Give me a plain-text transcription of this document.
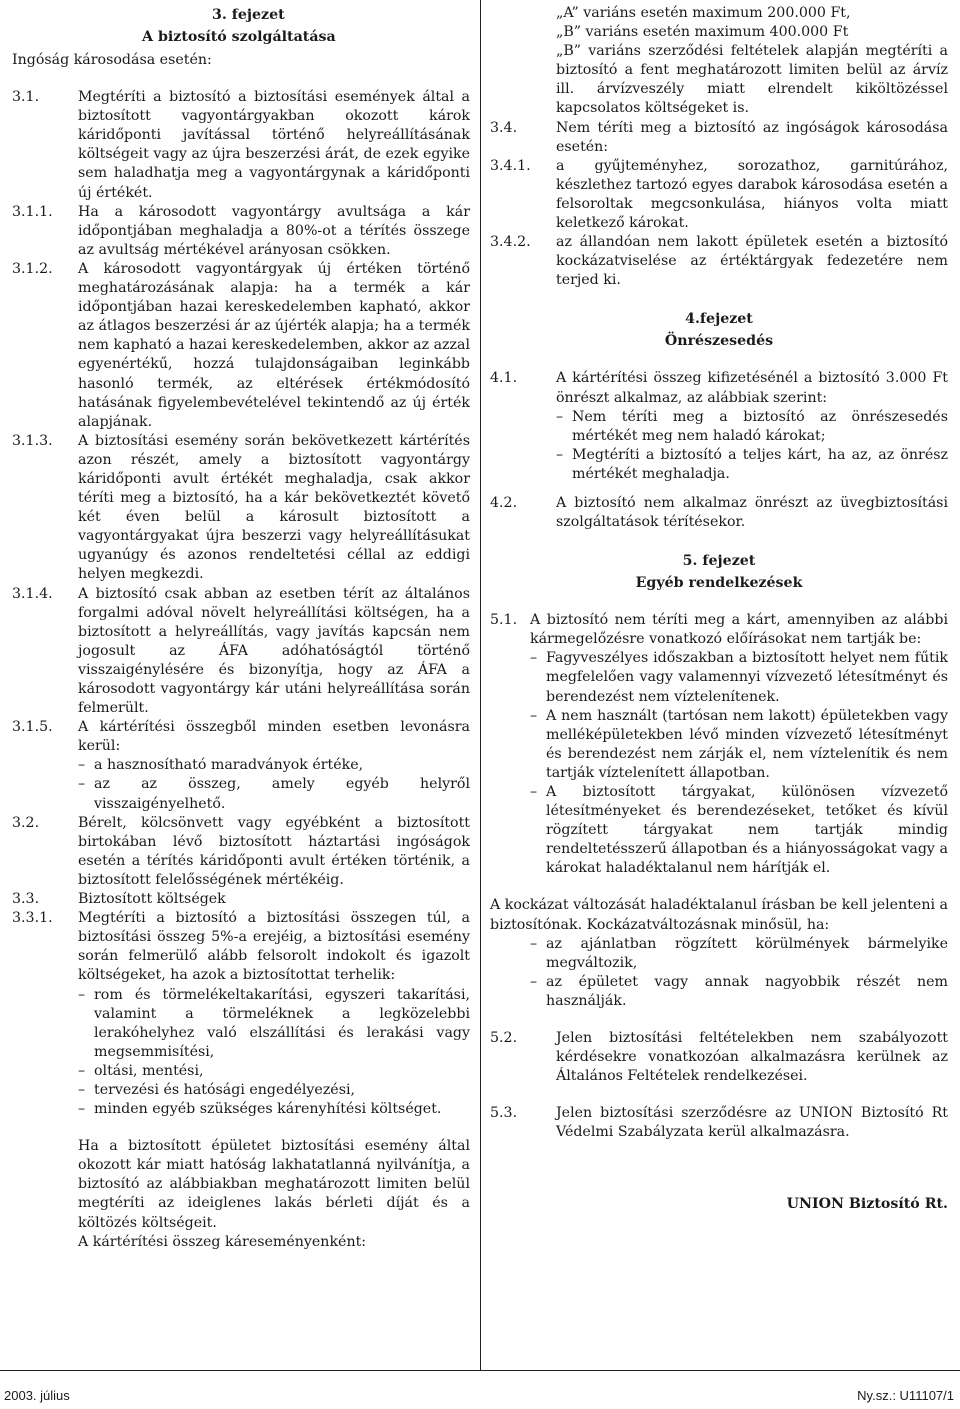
3. fejezet
A biztosító szolgáltatása
Ingóság károsodása esetén:
3.1.	Megtéríti a biztosító a biztosítási események által a biztosított vagyontárgyakban okozott károk káridőponti javítással történő helyreállításának költségeit vagy az újra beszerzési árát, de ezek egyike sem haladhatja meg a vagyontárgynak a káridőponti új értékét.
3.1.1.	Ha a károsodott vagyontárgy avultsága a kár időpontjában meghaladja a 80%-ot a térítés összege az avultság mértékével arányosan csökken.
3.1.2.	A károsodott vagyontárgyak új értéken történő meghatározásának alapja: ha a termék a kár időpontjában hazai kereskedelemben kapható, akkor az átlagos beszerzési ár az újérték alapja; ha a termék nem kapható a hazai kereskedelemben, akkor az azzal egyenértékű, hozzá tulajdonságaiban leginkább hasonló termék, az eltérések értékmódosító hatásának figyelembevételével tekintendő az új érték alapjának.
3.1.3.	A biztosítási esemény során bekövetkezett kártérítés azon részét, amely a biztosított vagyontárgy káridőponti avult értékét meghaladja, csak akkor téríti meg a biztosító, ha a kár bekövetkeztét követő két éven belül a károsult biztosított a vagyontárgyakat újra beszerzi vagy helyreállításukat ugyanúgy és azonos rendeltetési céllal az eddigi helyen megkezdi.
3.1.4.	A biztosító csak abban az esetben térít az általános forgalmi adóval növelt helyreállítási költségen, ha a biztosított a helyreállítás, vagy javítás kapcsán nem jogosult az ÁFA adóhatóságtól történő visszaigénylésére és bizonyítja, hogy az ÁFA a károsodott vagyontárgy kár utáni helyreállítása során felmerült.
3.1.5.	A kártérítési összegből minden esetben levonásra kerül:
– a hasznosítható maradványok értéke,
– az az összeg, amely egyéb helyről visszaigényelhető.
3.2.	Bérelt, kölcsönvett vagy egyébként a biztosított birtokában lévő biztosított háztartási ingóságok esetén a térítés káridőponti avult értéken történik, a biztosított felelősségének mértékéig.
3.3.	Biztosított költségek
3.3.1.	Megtéríti a biztosító a biztosítási összegen túl, a biztosítási összeg 5%-a erejéig, a biztosítási esemény során felmerülő alább felsorolt indokolt és igazolt költségeket, ha azok a biztosítottat terhelik:
– rom és törmelékeltakarítási, egyszeri takarítási, valamint a törmeléknek a legközelebbi lerakóhelyhez való elszállítási és lerakási vagy megsemmisítési,
– oltási, mentési,
– tervezési és hatósági engedélyezési,
– minden egyéb szükséges kárenyhítési költséget.
Ha a biztosított épületet biztosítási esemény által okozott kár miatt hatóság lakhatatlanná nyilvánítja, a biztosító az alábbiakban meghatározott limiten belül megtéríti az ideiglenes lakás bérleti díját és a költözés költségeit.
A kártérítési összeg káreseményenként:
„A” variáns esetén maximum 200.000 Ft,
„B” variáns esetén maximum 400.000 Ft
„B” variáns szerződési feltételek alapján megtéríti a biztosító a fent meghatározott limiten belül az árvíz ill. árvízveszély miatt elrendelt kiköltözéssel kapcsolatos költségeket is.
3.4.	Nem téríti meg a biztosító az ingóságok károsodása esetén:
3.4.1.	a gyűjteményhez, sorozathoz, garnitúrához, készlethez tartozó egyes darabok károsodása esetén a felsoroltak megcsonkulása, hiányos volta miatt keletkező károkat.
3.4.2.	az állandóan nem lakott épületek esetén a biztosító kockázatviselése az értéktárgyak fedezetére nem terjed ki.
4.fejezet
Önrészesedés
4.1.	A kártérítési összeg kifizetésénél a biztosító 3.000 Ft önrészt alkalmaz, az alábbiak szerint:
– Nem téríti meg a biztosító az önrészesedés mértékét meg nem haladó károkat;
– Megtéríti a biztosító a teljes kárt, ha az, az önrész mértékét meghaladja.
4.2.	A biztosító nem alkalmaz önrészt az üvegbiztosítási szolgáltatások térítésekor.
5. fejezet
Egyéb rendelkezések
5.1. A biztosító nem téríti meg a kárt, amennyiben az alábbi kármegelőzésre vonatkozó előírásokat nem tartják be:
– Fagyveszélyes időszakban a biztosított helyet nem fűtik megfelelően vagy valamennyi vízvezető létesítményt és berendezést nem víztelenítenek.
– A nem használt (tartósan nem lakott) épületekben vagy melléképületekben lévő minden vízvezető létesítményt és berendezést nem zárják el, nem víztelenítik és nem tartják víztelenített állapotban.
– A biztosított tárgyakat, különösen vízvezető létesítményeket és berendezéseket, tetőket és kívül rögzített tárgyakat nem tartják mindig rendeltetésszerű állapotban és a hiányosságokat vagy a károkat haladéktalanul nem hárítják el.
A kockázat változását haladéktalanul írásban be kell jelenteni a biztosítónak. Kockázatváltozásnak minősül, ha:
– az ajánlatban rögzített körülmények bármelyike megváltozik,
– az épületet vagy annak nagyobbik részét nem használják.
5.2.	Jelen biztosítási feltételekben nem szabályozott kérdésekre vonatkozóan alkalmazásra kerülnek az Általános Feltételek rendelkezései.
5.3.	Jelen biztosítási szerződésre az UNION Biztosító Rt Védelmi Szabályzata kerül alkalmazásra.
UNION Biztosító Rt.
2003. július	Ny.sz.: U11107/1
